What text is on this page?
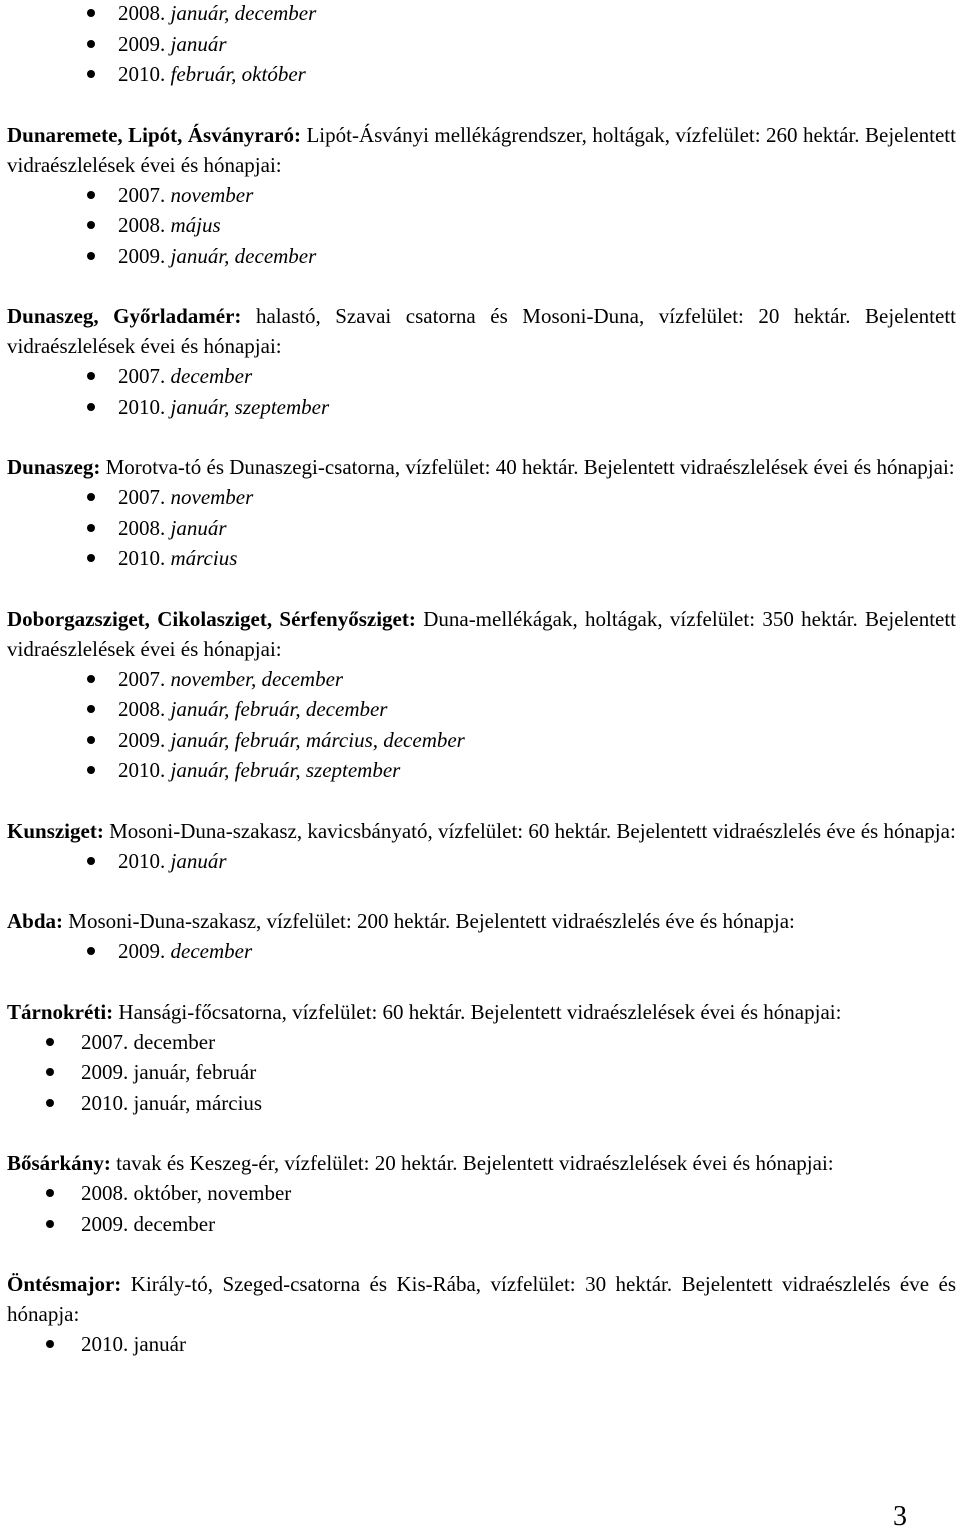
2008. január, december
2009. január
2010. február, október

Dunaremete, Lipót, Ásványraró: Lipót-Ásványi mellékágrendszer, holtágak, vízfelület: 260 hektár. Bejelentett vidraészlelések évei és hónapjai:

2007. november
2008. május
2009. január, december

Dunaszeg, Győrladamér: halastó, Szavai csatorna és Mosoni-Duna, vízfelület: 20 hektár. Bejelentett vidraészlelések évei és hónapjai:

2007. december
2010. január, szeptember

Dunaszeg: Morotva-tó és Dunaszegi-csatorna, vízfelület: 40 hektár. Bejelentett vidraészlelések évei és hónapjai:

2007. november
2008. január
2010. március

Doborgazsziget, Cikolasziget, Sérfenyősziget: Duna-mellékágak, holtágak, vízfelület: 350 hektár. Bejelentett vidraészlelések évei és hónapjai:

2007. november, december
2008. január, február, december
2009. január, február, március, december
2010. január, február, szeptember

Kunsziget: Mosoni-Duna-szakasz, kavicsbányató, vízfelület: 60 hektár. Bejelentett vidraészlelés éve és hónapja:

2010. január

Abda: Mosoni-Duna-szakasz, vízfelület: 200 hektár. Bejelentett vidraészlelés éve és hónapja:

2009. december

Tárnokréti: Hansági-főcsatorna, vízfelület: 60 hektár. Bejelentett vidraészlelések évei és hónapjai:

2007. december
2009. január, február
2010. január, március

Bősárkány: tavak és Keszeg-ér, vízfelület: 20 hektár. Bejelentett vidraészlelések évei és hónapjai:

2008. október, november
2009. december

Öntésmajor: Király-tó, Szeged-csatorna és Kis-Rába, vízfelület: 30 hektár. Bejelentett vidraészlelés éve és hónapja:

2010. január
3
